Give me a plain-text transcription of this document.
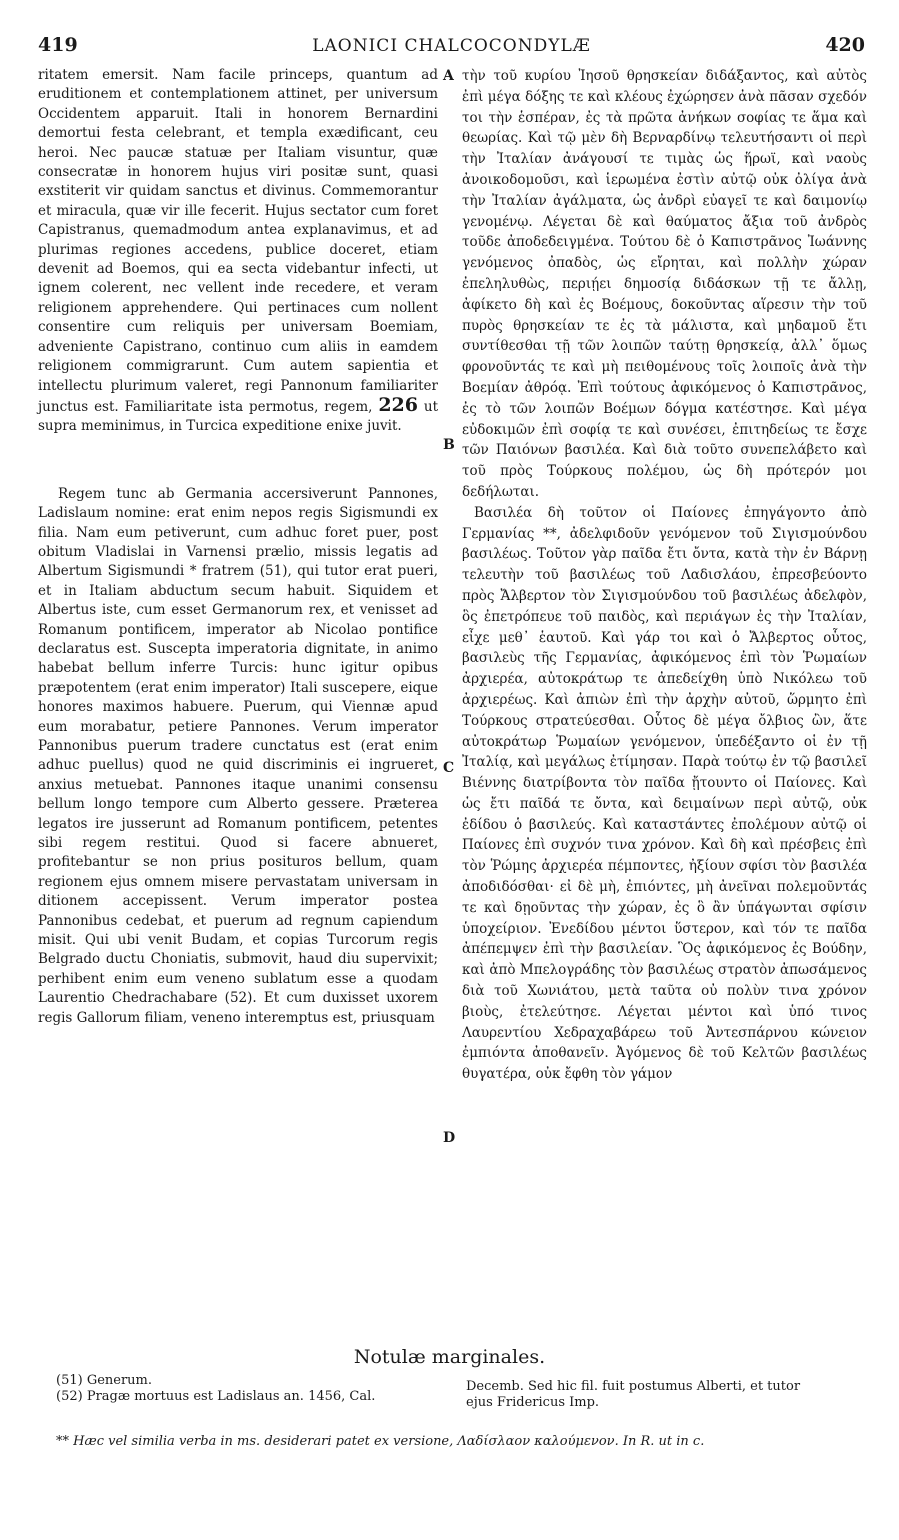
419	LAONICI CHALCOCONDYLÆ	420

ritatem emersit. Nam facile princeps, quantum ad eruditionem et contemplationem attinet, per universum Occidentem apparuit. Itali in honorem Bernardini demortui festa celebrant, et templa exædificant, ceu heroi. Nec paucæ statuæ per Italiam visuntur, quæ consecratæ in honorem hujus viri positæ sunt, quasi exstiterit vir quidam sanctus et divinus. Commemorantur et miracula, quæ vir ille fecerit. Hujus sectator cum foret Capistranus, quemadmodum antea explanavimus, et ad plurimas regiones accedens, publice doceret, etiam devenit ad Boemos, qui ea secta videbantur infecti, ut ignem colerent, nec vellent inde recedere, et veram religionem apprehendere. Qui pertinaces cum nollent consentire cum reliquis per universam Boemiam, adveniente Capistrano, continuo cum aliis in eamdem religionem commigrarunt. Cum autem sapientia et intellectu plurimum valeret, regi Pannonum familiariter junctus est. Familiaritate ista permotus, regem, 226 ut supra meminimus, in Turcica expeditione enixe juvit.

Regem tunc ab Germania accersiverunt Pannones, Ladislaum nomine: erat enim nepos regis Sigismundi ex filia. Nam eum petiverunt, cum adhuc foret puer, post obitum Vladislai in Varnensi prælio, missis legatis ad Albertum Sigismundi * fratrem (51), qui tutor erat pueri, et in Italiam abductum secum habuit. Siquidem et Albertus iste, cum esset Germanorum rex, et venisset ad Romanum pontificem, imperator ab Nicolao pontifice declaratus est. Suscepta imperatoria dignitate, in animo habebat bellum inferre Turcis: hunc igitur opibus præpotentem (erat enim imperator) Itali suscepere, eique honores maximos habuere. Puerum, qui Viennæ apud eum morabatur, petiere Pannones. Verum imperator Pannonibus puerum tradere cunctatus est (erat enim adhuc puellus) quod ne quid discriminis ei ingrueret, anxius metuebat. Pannones itaque unanimi consensu bellum longo tempore cum Alberto gessere. Præterea legatos ire jusserunt ad Romanum pontificem, petentes sibi regem restitui. Quod si facere abnueret, profitebantur se non prius posituros bellum, quam regionem ejus omnem misere pervastatam universam in ditionem accepissent. Verum imperator postea Pannonibus cedebat, et puerum ad regnum capiendum misit. Qui ubi venit Budam, et copias Turcorum regis Belgrado ductu Choniatis, submovit, haud diu supervixit; perhibent enim eum veneno sublatum esse a quodam Laurentio Chedrachabare (52). Et cum duxisset uxorem regis Gallorum filiam, veneno interemptus est, priusquam

τὴν τοῦ κυρίου Ἰησοῦ θρησκείαν διδάξαντος, καὶ αὐτὸς ἐπὶ μέγα δόξης τε καὶ κλέους ἐχώρησεν ἀνὰ πᾶσαν σχεδόν τοι τὴν ἑσπέραν, ἐς τὰ πρῶτα ἀνήκων σοφίας τε ἅμα καὶ θεωρίας. Καὶ τῷ μὲν δὴ Βερναρδίνῳ τελευτήσαντι οἱ περὶ τὴν Ἰταλίαν ἀνάγουσί τε τιμὰς ὡς ἥρωϊ, καὶ ναοὺς ἀνοικοδομοῦσι, καὶ ἱερωμένα ἐστὶν αὐτῷ οὐκ ὀλίγα ἀνὰ τὴν Ἰταλίαν ἀγάλματα, ὡς ἀνδρὶ εὐαγεῖ τε καὶ δαιμονίῳ γενομένῳ. Λέγεται δὲ καὶ θαύματος ἄξια τοῦ ἀνδρὸς τοῦδε ἀποδεδειγμένα. Τούτου δὲ ὁ Καπιστρᾶνος Ἰωάννης γενόμενος ὀπαδὸς, ὡς εἴρηται, καὶ πολλὴν χώραν ἐπεληλυθὼς, περιῄει δημοσίᾳ διδάσκων τῇ τε ἄλλῃ, ἀφίκετο δὴ καὶ ἐς Βοέμους, δοκοῦντας αἵρεσιν τὴν τοῦ πυρὸς θρησκείαν τε ἐς τὰ μάλιστα, καὶ μηδαμοῦ ἔτι συντίθεσθαι τῇ τῶν λοιπῶν ταύτῃ θρησκείᾳ, ἀλλ᾽ ὅμως φρονοῦντάς τε καὶ μὴ πειθομένους τοῖς λοιποῖς ἀνὰ τὴν Βοεμίαν ἀθρόᾳ. Ἐπὶ τούτους ἀφικόμενος ὁ Καπιστρᾶνος, ἐς τὸ τῶν λοιπῶν Βοέμων δόγμα κατέστησε. Καὶ μέγα εὐδοκιμῶν ἐπὶ σοφίᾳ τε καὶ συνέσει, ἐπιτηδείως τε ἔσχε τῶν Παιόνων βασιλέα. Καὶ διὰ τοῦτο συνεπελάβετο καὶ τοῦ πρὸς Τούρκους πολέμου, ὡς δὴ πρότερόν μοι δεδήλωται.

Βασιλέα δὴ τοῦτον οἱ Παίονες ἐπηγάγοντο ἀπὸ Γερμανίας **, ἀδελφιδοῦν γενόμενον τοῦ Σιγισμούνδου βασιλέως. Τοῦτον γὰρ παῖδα ἔτι ὄντα, κατὰ τὴν ἐν Βάρνῃ τελευτὴν τοῦ βασιλέως τοῦ Λαδισλάου, ἐπρεσβεύοντο πρὸς Ἄλβερτον τὸν Σιγισμούνδου τοῦ βασιλέως ἀδελφὸν, ὃς ἐπετρόπευε τοῦ παιδὸς, καὶ περιάγων ἐς τὴν Ἰταλίαν, εἶχε μεθ᾽ ἑαυτοῦ. Καὶ γάρ τοι καὶ ὁ Ἄλβερτος οὗτος, βασιλεὺς τῆς Γερμανίας, ἀφικόμενος ἐπὶ τὸν Ῥωμαίων ἀρχιερέα, αὐτοκράτωρ τε ἀπεδείχθη ὑπὸ Νικόλεω τοῦ ἀρχιερέως. Καὶ ἀπιὼν ἐπὶ τὴν ἀρχὴν αὐτοῦ, ὥρμητο ἐπὶ Τούρκους στρατεύεσθαι. Οὗτος δὲ μέγα ὄλβιος ὢν, ἅτε αὐτοκράτωρ Ῥωμαίων γενόμενον, ὑπεδέξαντο οἱ ἐν τῇ Ἰταλίᾳ, καὶ μεγάλως ἐτίμησαν. Παρὰ τούτῳ ἐν τῷ βασιλεῖ Βιέννης διατρίβοντα τὸν παῖδα ᾔτουντο οἱ Παίονες. Καὶ ὡς ἔτι παῖδά τε ὄντα, καὶ δειμαίνων περὶ αὐτῷ, οὐκ ἐδίδου ὁ βασιλεύς. Καὶ καταστάντες ἐπολέμουν αὐτῷ οἱ Παίονες ἐπὶ συχνόν τινα χρόνον. Καὶ δὴ καὶ πρέσβεις ἐπὶ τὸν Ῥώμης ἀρχιερέα πέμποντες, ἠξίουν σφίσι τὸν βασιλέα ἀποδιδόσθαι· εἰ δὲ μὴ, ἐπιόντες, μὴ ἀνεῖναι πολεμοῦντάς τε καὶ δῃοῦντας τὴν χώραν, ἐς ὃ ἂν ὑπάγωνται σφίσιν ὑποχείριον. Ἐνεδίδου μέντοι ὕστερον, καὶ τόν τε παῖδα ἀπέπεμψεν ἐπὶ τὴν βασιλείαν. Ὃς ἀφικόμενος ἐς Βούδην, καὶ ἀπὸ Μπελογράδης τὸν βασιλέως στρατὸν ἀπωσάμενος διὰ τοῦ Χωνιάτου, μετὰ ταῦτα οὐ πολὺν τινα χρόνον βιοὺς, ἐτελεύτησε. Λέγεται μέντοι καὶ ὑπό τινος Λαυρεντίου Χεδραχαβάρεω τοῦ Ἀντεσπάρνου κώνειον ἐμπιόντα ἀποθανεῖν. Ἀγόμενος δὲ τοῦ Κελτῶν βασιλέως θυγατέρα, οὐκ ἔφθη τὸν γάμον

A
B
C
D
Notulæ marginales.
(51) Generum.
(52) Pragæ mortuus est Ladislaus an. 1456, Cal.
Decemb. Sed hic fil. fuit postumus Alberti, et tutor
ejus Fridericus Imp.
** Hæc vel similia verba in ms. desiderari patet ex versione, Λαδίσλαον καλούμενον. In R. ut in c.
